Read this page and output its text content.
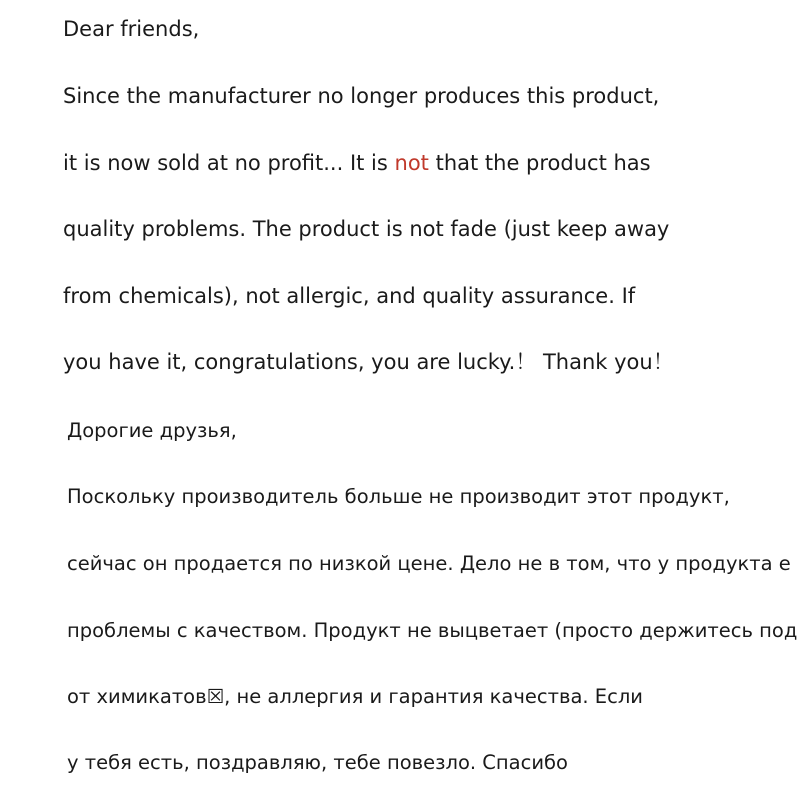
Dear friends,
Since the manufacturer no longer produces this product,
it is now sold at no profit... It is not that the product has
quality problems. The product is not fade (just keep away
from chemicals), not allergic, and quality assurance. If
you have it, congratulations, you are lucky.！ Thank you！
Дорогие друзья,
Поскольку производитель больше не производит этот продукт,
сейчас он продается по низкой цене. Дело не в том, что у продукта е
проблемы с качеством. Продукт не выцветает (просто держитесь под
от химикатов☒, не аллергия и гарантия качества. Если
у тебя есть, поздравляю, тебе повезло. Спасибо
